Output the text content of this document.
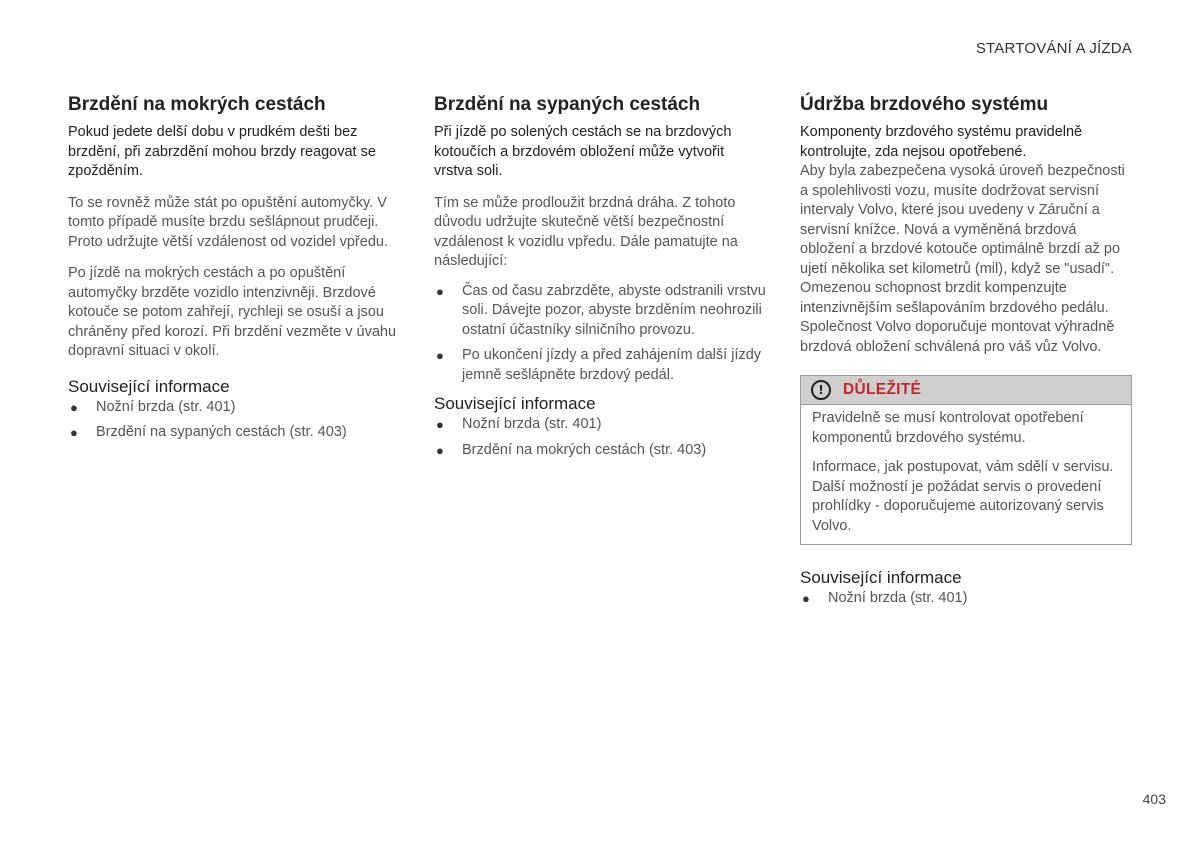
STARTOVÁNÍ A JÍZDA
Brzdění na mokrých cestách

Pokud jedete delší dobu v prudkém dešti bez brzdění, při zabrzdění mohou brzdy reagovat se zpožděním.

To se rovněž může stát po opuštění automyčky. V tomto případě musíte brzdu sešlápnout prudčeji. Proto udržujte větší vzdálenost od vozidel vpředu.

Po jízdě na mokrých cestách a po opuštění automyčky brzděte vozidlo intenzivněji. Brzdové kotouče se potom zahřejí, rychleji se osuší a jsou chráněny před korozí. Při brzdění vezměte v úvahu dopravní situaci v okolí.

Související informace
● Nožní brzda (str. 401)
● Brzdění na sypaných cestách (str. 403)
Brzdění na sypaných cestách

Při jízdě po solených cestách se na brzdových kotoučích a brzdovém obložení může vytvořit vrstva soli.

Tím se může prodloužit brzdná dráha. Z tohoto důvodu udržujte skutečně větší bezpečnostní vzdálenost k vozidlu vpředu. Dále pamatujte na následující:

● Čas od času zabrzděte, abyste odstranili vrstvu soli. Dávejte pozor, abyste brzděním neohrozili ostatní účastníky silničního provozu.
● Po ukončení jízdy a před zahájením další jízdy jemně sešlápněte brzdový pedál.
Související informace
● Nožní brzda (str. 401)
● Brzdění na mokrých cestách (str. 403)
Údržba brzdového systému

Komponenty brzdového systému pravidelně kontrolujte, zda nejsou opotřebené.

Aby byla zabezpečena vysoká úroveň bezpečnosti a spolehlivosti vozu, musíte dodržovat servisní intervaly Volvo, které jsou uvedeny v Záruční a servisní knížce. Nová a vyměněná brzdová obložení a brzdové kotouče optimálně brzdí až po ujetí několika set kilometrů (mil), když se "usadí". Omezenou schopnost brzdit kompenzujte intenzivnějším sešlapováním brzdového pedálu. Společnost Volvo doporučuje montovat výhradně brzdová obložení schválená pro váš vůz Volvo.

!	DŮLEŽITÉ

Pravidelně se musí kontrolovat opotřebení komponentů brzdového systému.

Informace, jak postupovat, vám sdělí v servisu. Další možností je požádat servis o provedení prohlídky - doporučujeme autorizovaný servis Volvo.

Související informace
● Nožní brzda (str. 401)
403
